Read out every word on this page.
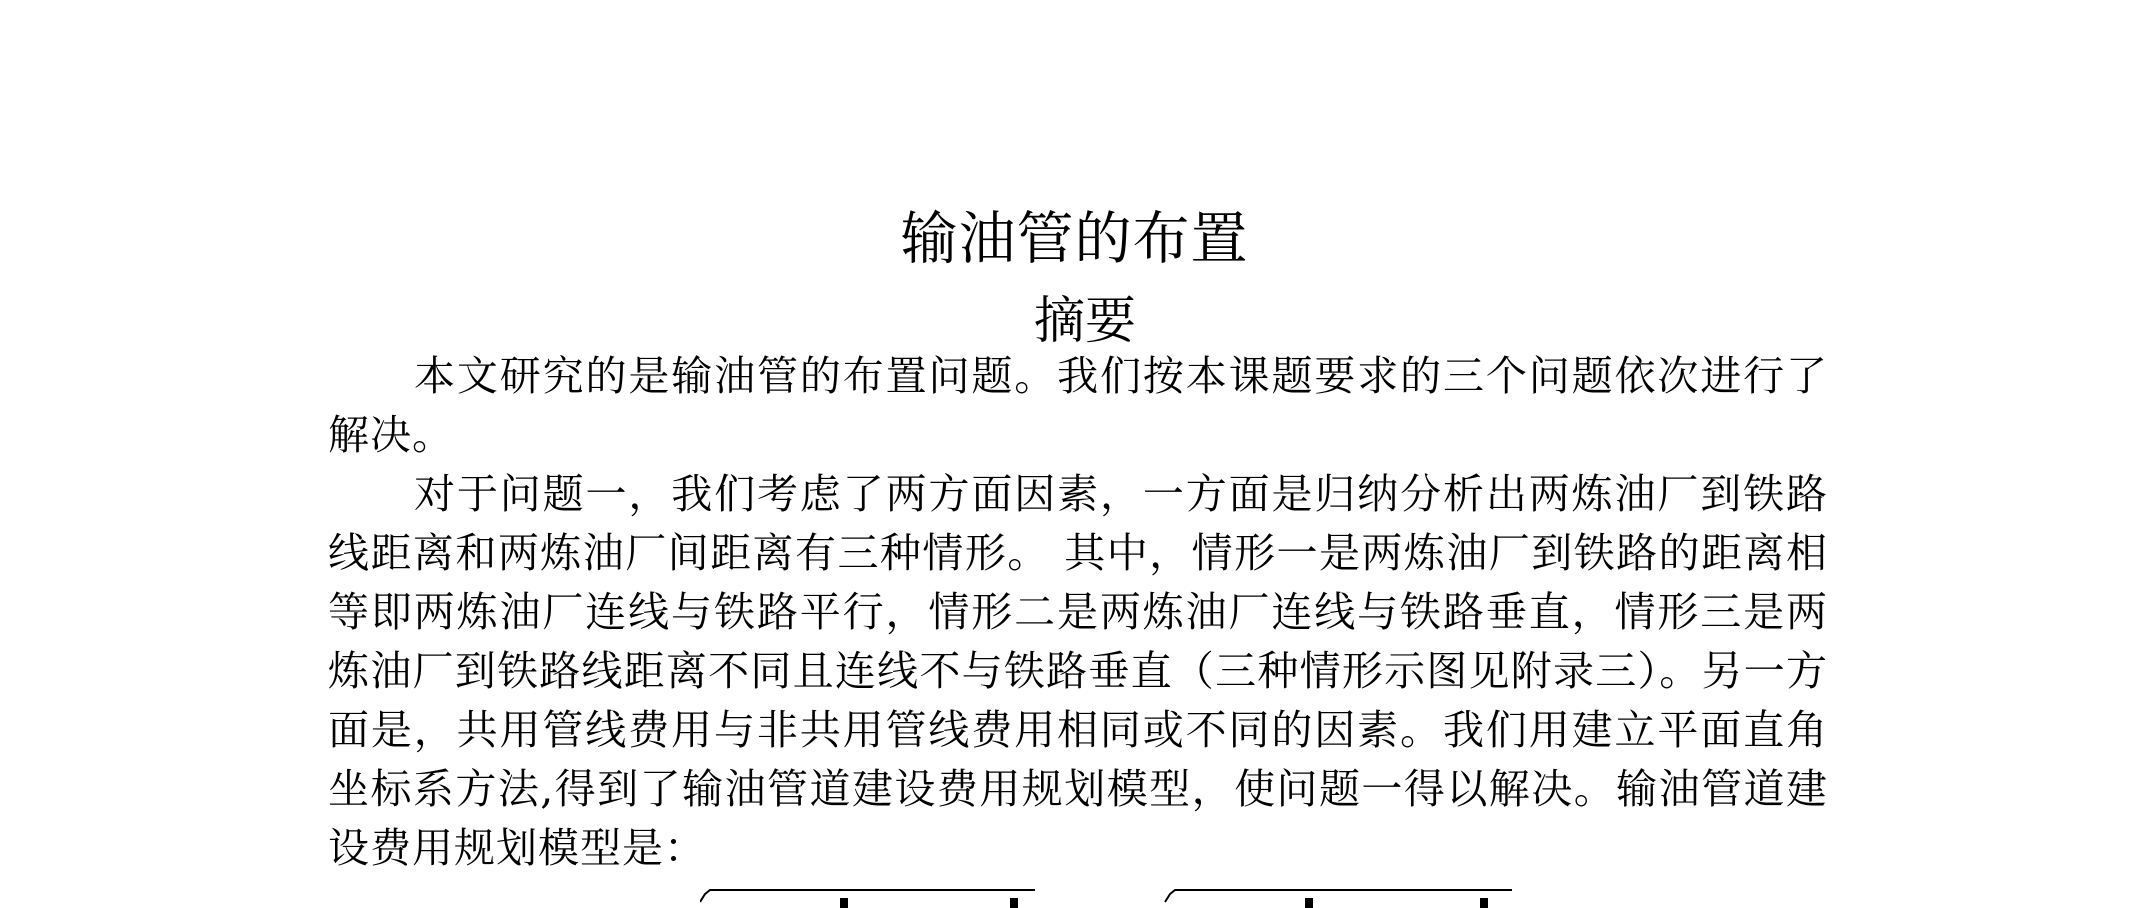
输油管的布置
摘要

本文研究的是输油管的布置问题。我们按本课题要求的三个问题依次进行了解决。

对于问题一，我们考虑了两方面因素，一方面是归纳分析出两炼油厂到铁路线距离和两炼油厂间距离有三种情形。 其中，情形一是两炼油厂到铁路的距离相等即两炼油厂连线与铁路平行，情形二是两炼油厂连线与铁路垂直，情形三是两炼油厂到铁路线距离不同且连线不与铁路垂直（三种情形示图见附录三）。另一方面是，共用管线费用与非共用管线费用相同或不同的因素。我们用建立平面直角坐标系方法,得到了输油管道建设费用规划模型，使问题一得以解决。输油管道建设费用规划模型是：
